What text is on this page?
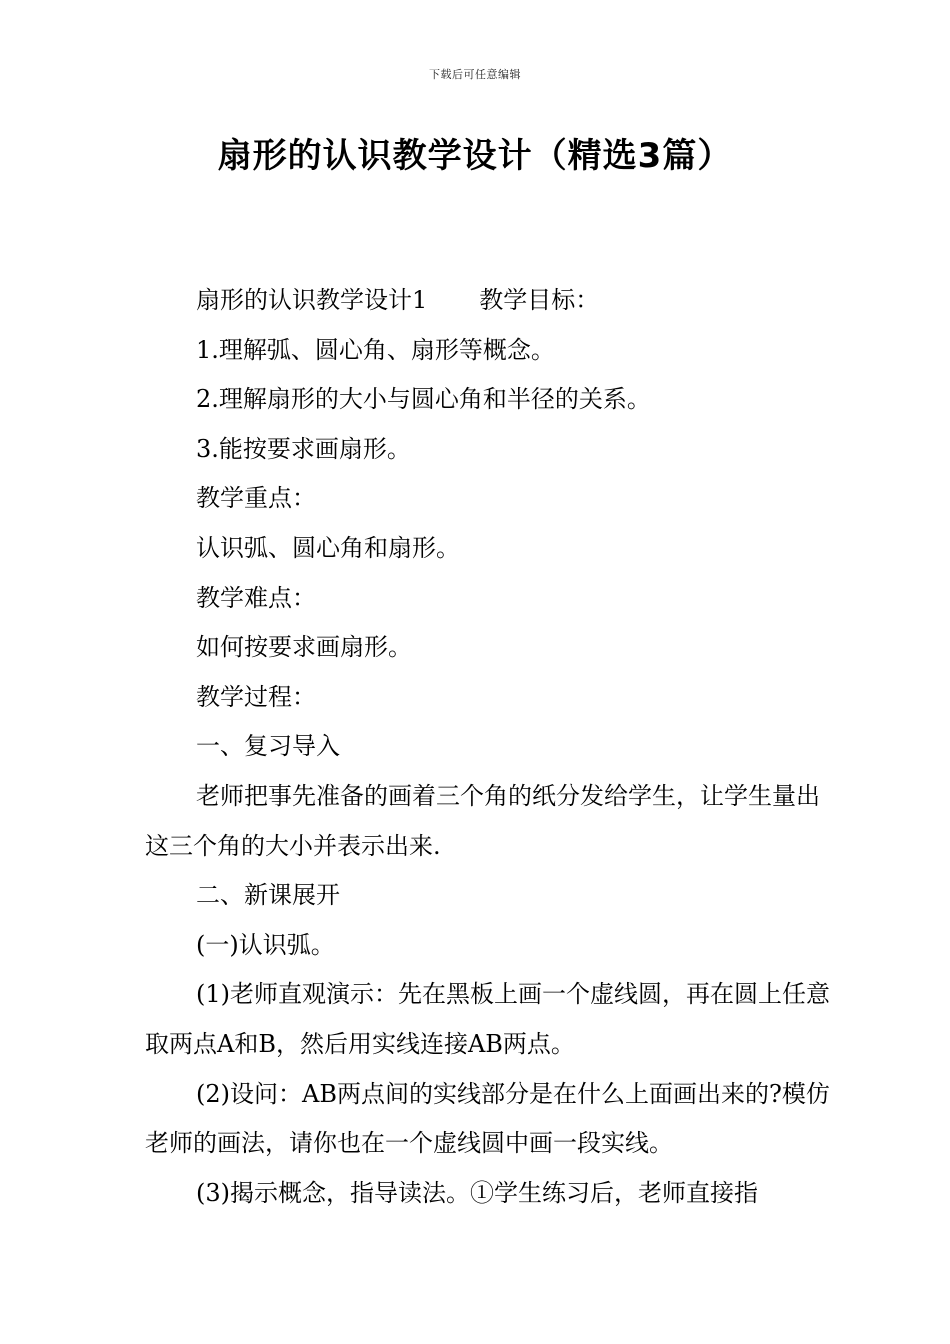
下载后可任意编辑
扇形的认识教学设计（精选3篇）

扇形的认识教学设计1 教学目标：

1.理解弧、圆心角、扇形等概念。

2.理解扇形的大小与圆心角和半径的关系。

3.能按要求画扇形。

教学重点：

认识弧、圆心角和扇形。

教学难点：

如何按要求画扇形。

教学过程：

一、复习导入

老师把事先准备的画着三个角的纸分发给学生，让学生量出这三个角的大小并表示出来.

二、新课展开

(一)认识弧。

(1)老师直观演示：先在黑板上画一个虚线圆，再在圆上任意取两点A和B，然后用实线连接AB两点。

(2)设问：AB两点间的实线部分是在什么上面画出来的?模仿老师的画法，请你也在一个虚线圆中画一段实线。

(3)揭示概念，指导读法。①学生练习后，老师直接指
